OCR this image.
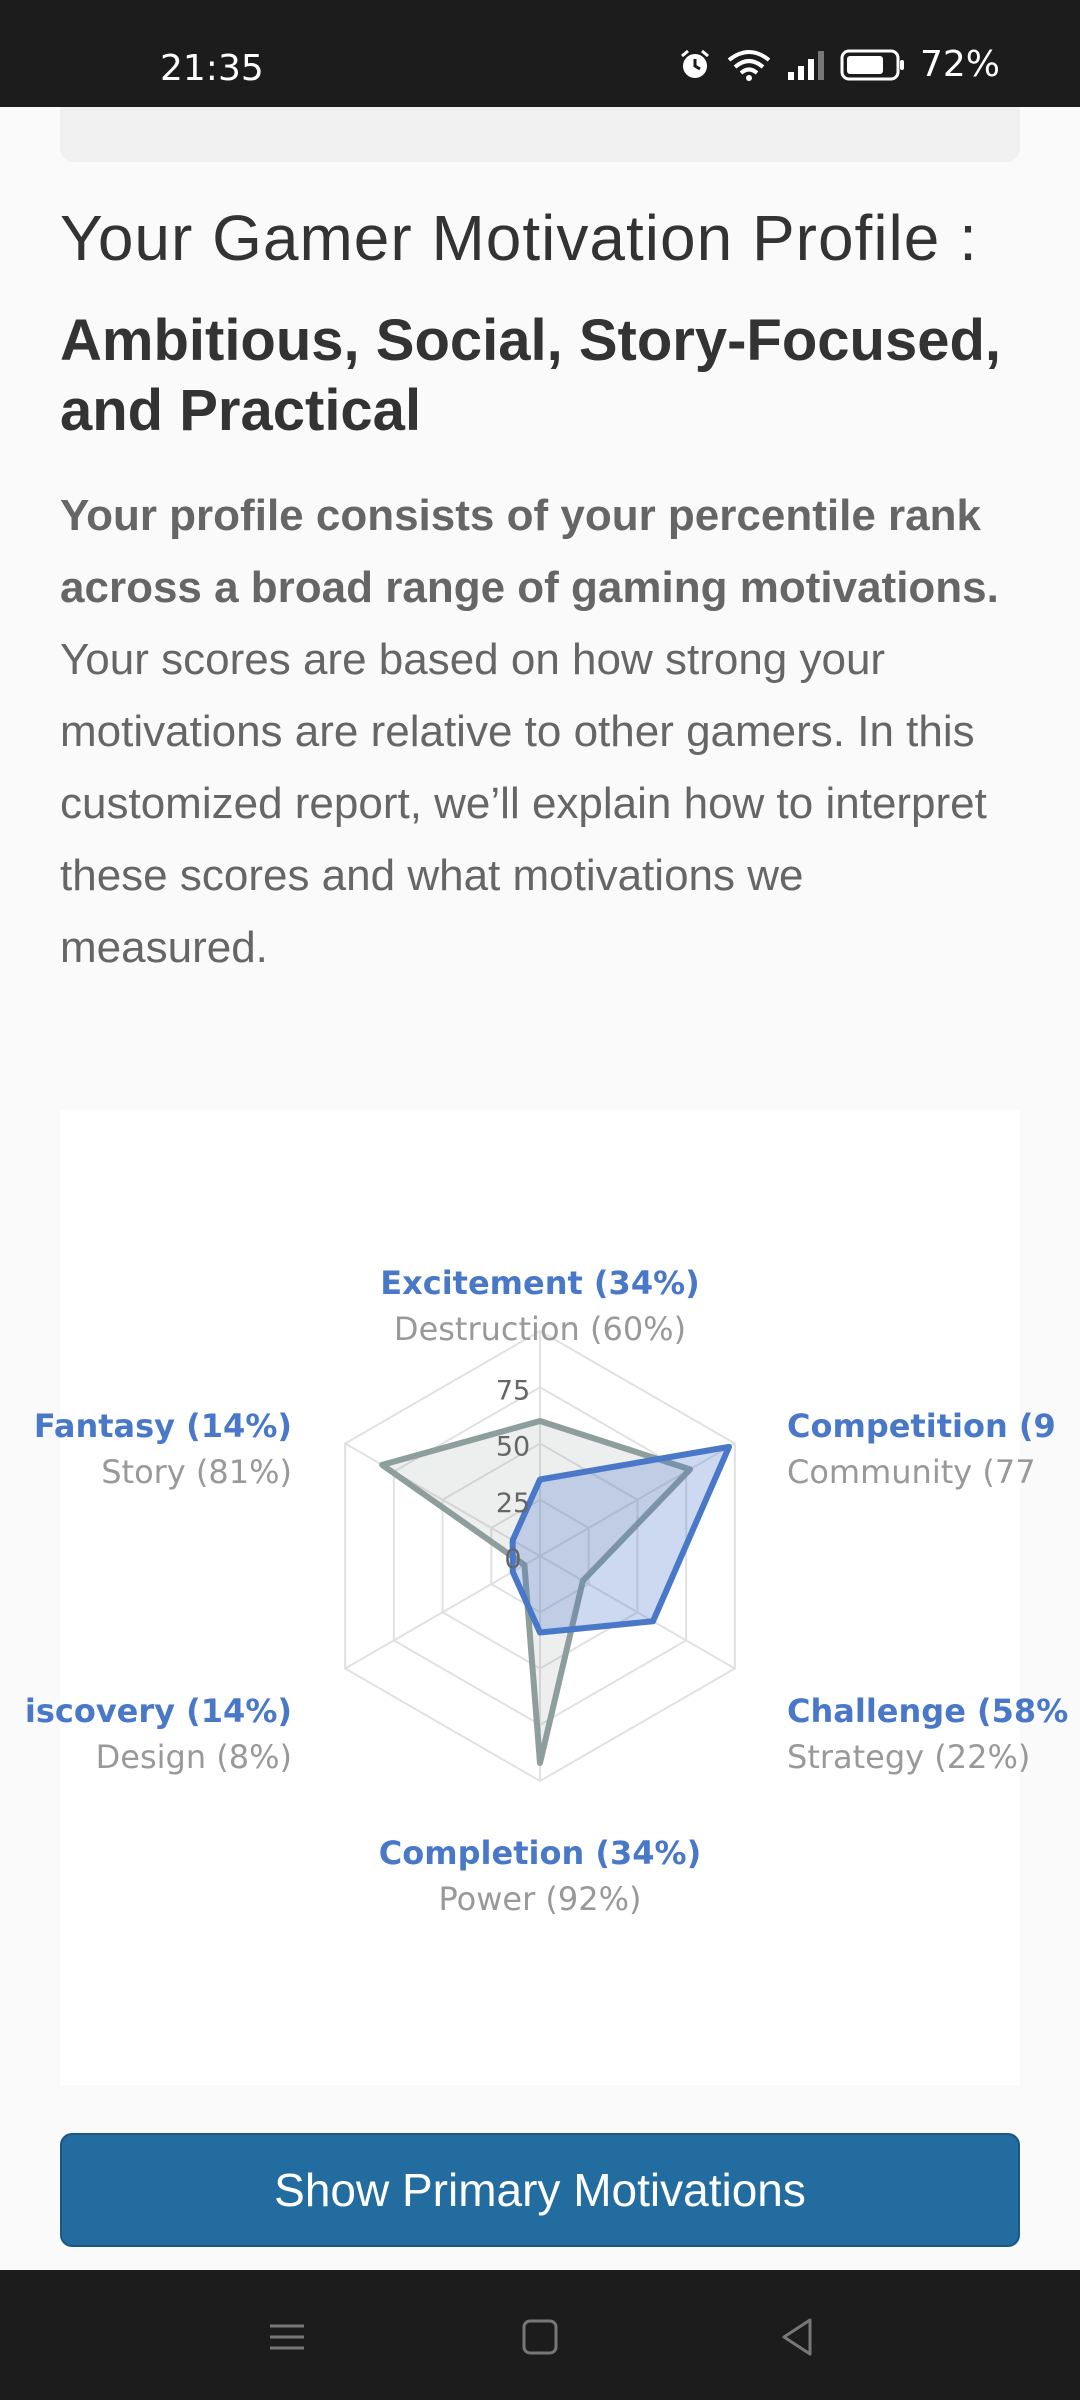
21:35	72%
Your Gamer Motivation Profile :
Ambitious, Social, Story-Focused, and Practical

Your profile consists of your percentile rank across a broad range of gaming motivations. Your scores are based on how strong your motivations are relative to other gamers. In this customized report, we’ll explain how to interpret these scores and what motivations we measured.

0
25
50
75
Excitement (34%)
Destruction (60%)
Competition (9
Community (77
Challenge (58%
Strategy (22%)
Completion (34%)
Power (92%)
iscovery (14%)
Design (8%)
Fantasy (14%)
Story (81%)
Show Primary Motivations
